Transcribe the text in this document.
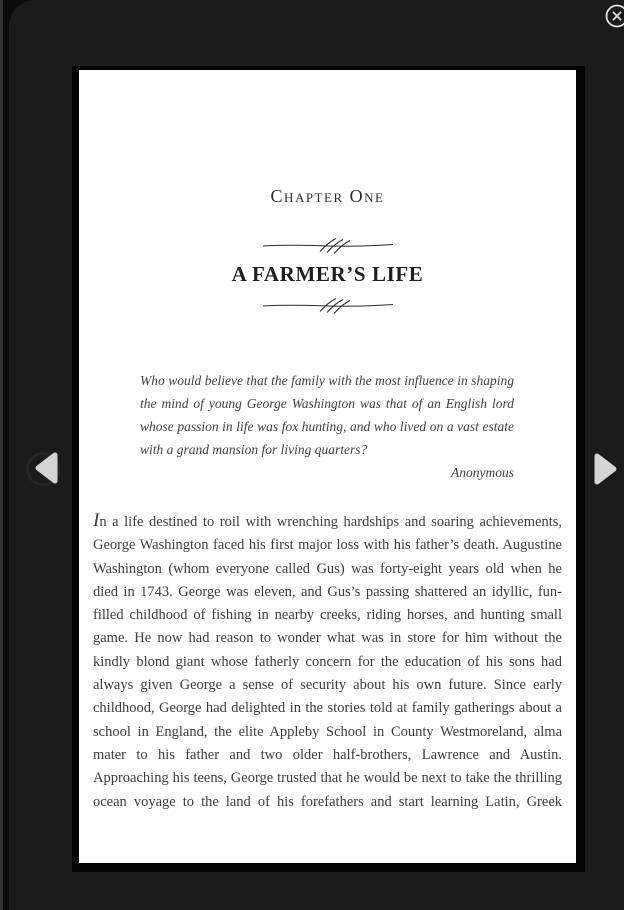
Chapter One
A FARMER’S LIFE

Who would believe that the family with the most influence in shaping the mind of young George Washington was that of an English lord whose passion in life was fox hunting, and who lived on a vast estate with a grand mansion for living quarters?

Anonymous

In a life destined to roil with wrenching hardships and soaring achievements, George Washington faced his first major loss with his father’s death. Augustine Washington (whom everyone called Gus) was forty-eight years old when he died in 1743. George was eleven, and Gus’s passing shattered an idyllic, fun-filled childhood of fishing in nearby creeks, riding horses, and hunting small game. He now had reason to wonder what was in store for him without the kindly blond giant whose fatherly concern for the education of his sons had always given George a sense of security about his own future. Since early childhood, George had delighted in the stories told at family gatherings about a school in England, the elite Appleby School in County Westmoreland, alma mater to his father and two older half-brothers, Lawrence and Austin. Approaching his teens, George trusted that he would be next to take the thrilling ocean voyage to the land of his forefathers and start learning Latin, Greek
